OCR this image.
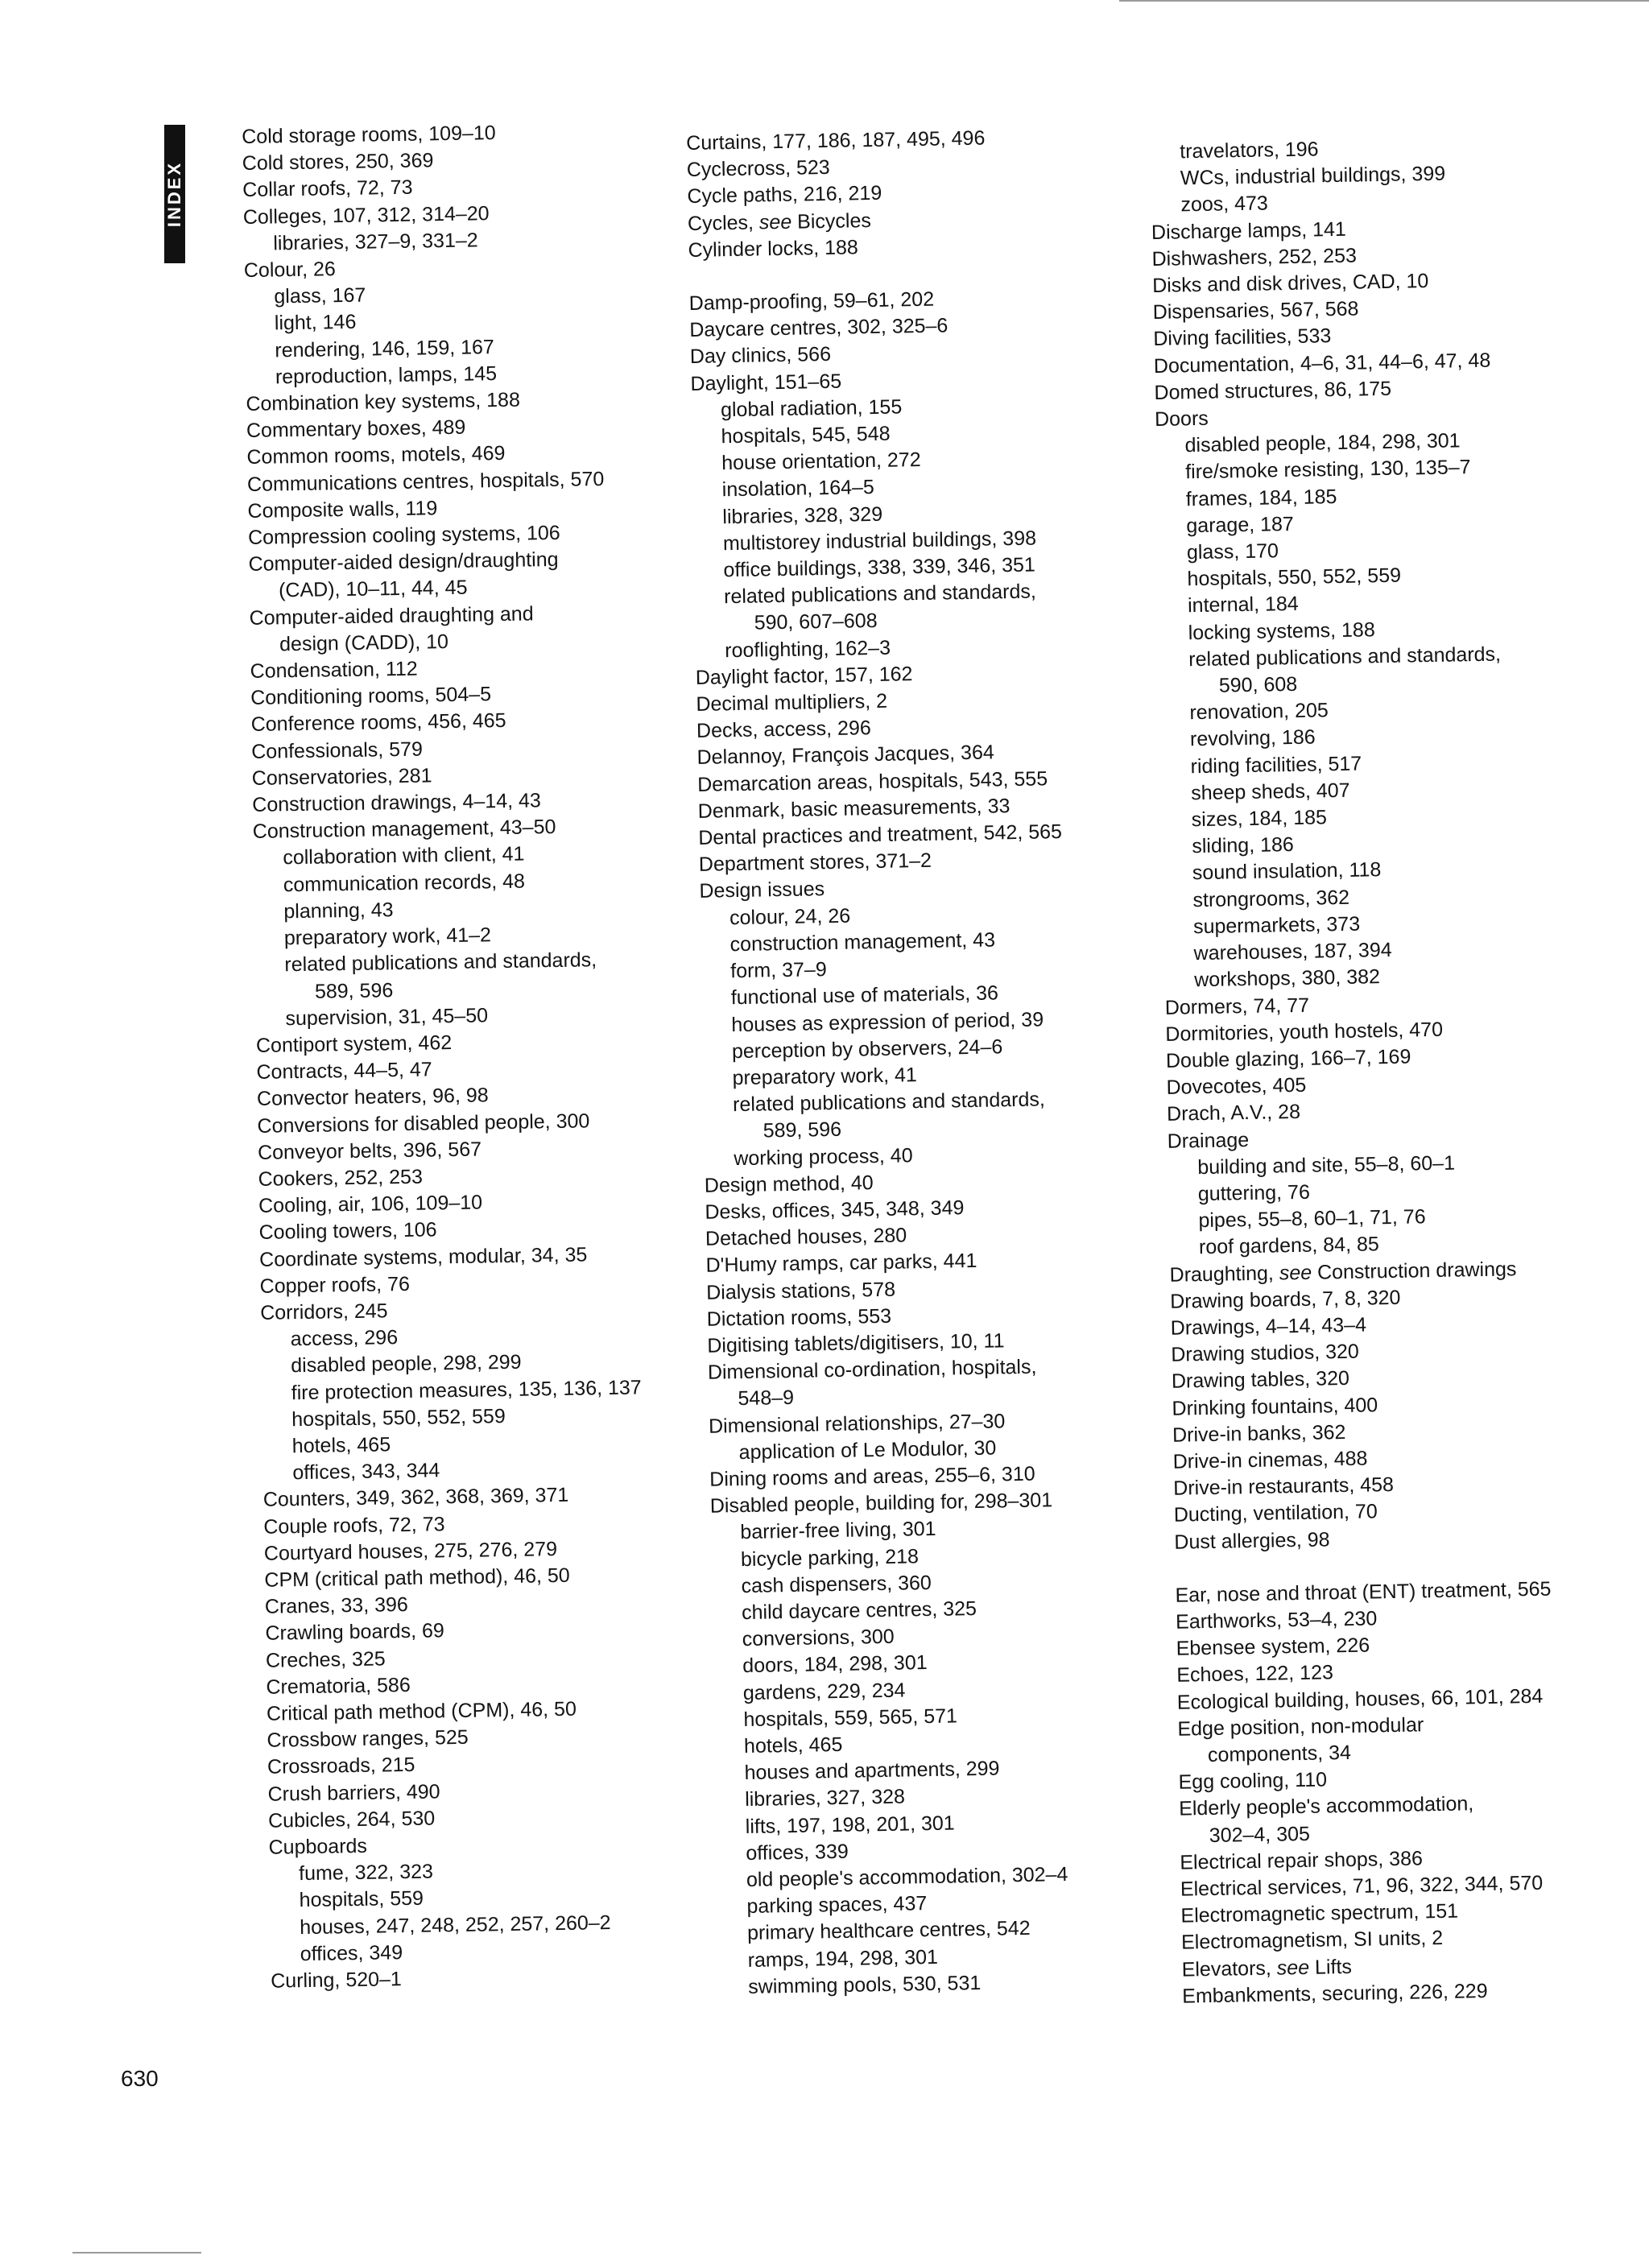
INDEX
Cold storage rooms, 109–10
Cold stores, 250, 369
Collar roofs, 72, 73
Colleges, 107, 312, 314–20
libraries, 327–9, 331–2
Colour, 26
glass, 167
light, 146
rendering, 146, 159, 167
reproduction, lamps, 145
Combination key systems, 188
Commentary boxes, 489
Common rooms, motels, 469
Communications centres, hospitals, 570
Composite walls, 119
Compression cooling systems, 106
Computer-aided design/draughting
(CAD), 10–11, 44, 45
Computer-aided draughting and
design (CADD), 10
Condensation, 112
Conditioning rooms, 504–5
Conference rooms, 456, 465
Confessionals, 579
Conservatories, 281
Construction drawings, 4–14, 43
Construction management, 43–50
collaboration with client, 41
communication records, 48
planning, 43
preparatory work, 41–2
related publications and standards,
589, 596
supervision, 31, 45–50
Contiport system, 462
Contracts, 44–5, 47
Convector heaters, 96, 98
Conversions for disabled people, 300
Conveyor belts, 396, 567
Cookers, 252, 253
Cooling, air, 106, 109–10
Cooling towers, 106
Coordinate systems, modular, 34, 35
Copper roofs, 76
Corridors, 245
access, 296
disabled people, 298, 299
fire protection measures, 135, 136, 137
hospitals, 550, 552, 559
hotels, 465
offices, 343, 344
Counters, 349, 362, 368, 369, 371
Couple roofs, 72, 73
Courtyard houses, 275, 276, 279
CPM (critical path method), 46, 50
Cranes, 33, 396
Crawling boards, 69
Creches, 325
Crematoria, 586
Critical path method (CPM), 46, 50
Crossbow ranges, 525
Crossroads, 215
Crush barriers, 490
Cubicles, 264, 530
Cupboards
fume, 322, 323
hospitals, 559
houses, 247, 248, 252, 257, 260–2
offices, 349
Curling, 520–1
Curtains, 177, 186, 187, 495, 496
Cyclecross, 523
Cycle paths, 216, 219
Cycles, see Bicycles
Cylinder locks, 188
Damp-proofing, 59–61, 202
Daycare centres, 302, 325–6
Day clinics, 566
Daylight, 151–65
global radiation, 155
hospitals, 545, 548
house orientation, 272
insolation, 164–5
libraries, 328, 329
multistorey industrial buildings, 398
office buildings, 338, 339, 346, 351
related publications and standards,
590, 607–608
rooflighting, 162–3
Daylight factor, 157, 162
Decimal multipliers, 2
Decks, access, 296
Delannoy, François Jacques, 364
Demarcation areas, hospitals, 543, 555
Denmark, basic measurements, 33
Dental practices and treatment, 542, 565
Department stores, 371–2
Design issues
colour, 24, 26
construction management, 43
form, 37–9
functional use of materials, 36
houses as expression of period, 39
perception by observers, 24–6
preparatory work, 41
related publications and standards,
589, 596
working process, 40
Design method, 40
Desks, offices, 345, 348, 349
Detached houses, 280
D'Humy ramps, car parks, 441
Dialysis stations, 578
Dictation rooms, 553
Digitising tablets/digitisers, 10, 11
Dimensional co-ordination, hospitals,
548–9
Dimensional relationships, 27–30
application of Le Modulor, 30
Dining rooms and areas, 255–6, 310
Disabled people, building for, 298–301
barrier-free living, 301
bicycle parking, 218
cash dispensers, 360
child daycare centres, 325
conversions, 300
doors, 184, 298, 301
gardens, 229, 234
hospitals, 559, 565, 571
hotels, 465
houses and apartments, 299
libraries, 327, 328
lifts, 197, 198, 201, 301
offices, 339
old people's accommodation, 302–4
parking spaces, 437
primary healthcare centres, 542
ramps, 194, 298, 301
swimming pools, 530, 531
travelators, 196
WCs, industrial buildings, 399
zoos, 473
Discharge lamps, 141
Dishwashers, 252, 253
Disks and disk drives, CAD, 10
Dispensaries, 567, 568
Diving facilities, 533
Documentation, 4–6, 31, 44–6, 47, 48
Domed structures, 86, 175
Doors
disabled people, 184, 298, 301
fire/smoke resisting, 130, 135–7
frames, 184, 185
garage, 187
glass, 170
hospitals, 550, 552, 559
internal, 184
locking systems, 188
related publications and standards,
590, 608
renovation, 205
revolving, 186
riding facilities, 517
sheep sheds, 407
sizes, 184, 185
sliding, 186
sound insulation, 118
strongrooms, 362
supermarkets, 373
warehouses, 187, 394
workshops, 380, 382
Dormers, 74, 77
Dormitories, youth hostels, 470
Double glazing, 166–7, 169
Dovecotes, 405
Drach, A.V., 28
Drainage
building and site, 55–8, 60–1
guttering, 76
pipes, 55–8, 60–1, 71, 76
roof gardens, 84, 85
Draughting, see Construction drawings
Drawing boards, 7, 8, 320
Drawings, 4–14, 43–4
Drawing studios, 320
Drawing tables, 320
Drinking fountains, 400
Drive-in banks, 362
Drive-in cinemas, 488
Drive-in restaurants, 458
Ducting, ventilation, 70
Dust allergies, 98
Ear, nose and throat (ENT) treatment, 565
Earthworks, 53–4, 230
Ebensee system, 226
Echoes, 122, 123
Ecological building, houses, 66, 101, 284
Edge position, non-modular
components, 34
Egg cooling, 110
Elderly people's accommodation,
302–4, 305
Electrical repair shops, 386
Electrical services, 71, 96, 322, 344, 570
Electromagnetic spectrum, 151
Electromagnetism, SI units, 2
Elevators, see Lifts
Embankments, securing, 226, 229
630
